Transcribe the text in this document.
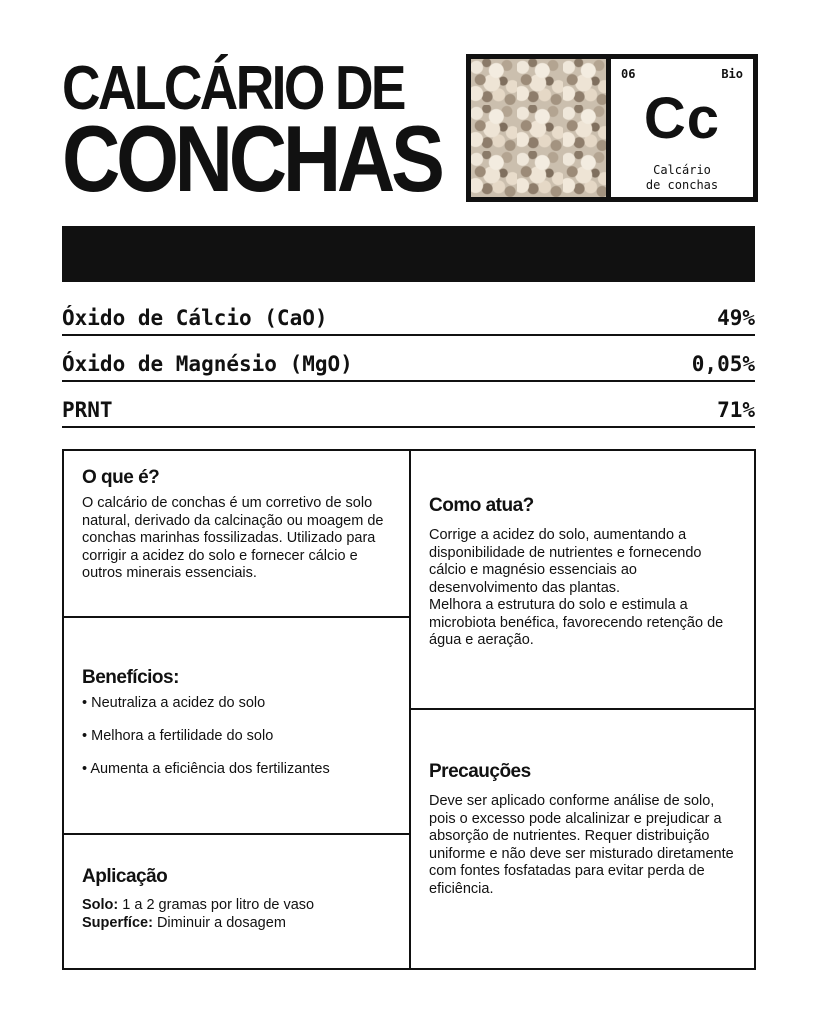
CALCÁRIO DE
CONCHAS
06	Bio
Cc
Calcário
de conchas
Óxido de Cálcio (CaO)	49%
Óxido de Magnésio (MgO)	0,05%
PRNT	71%
O que é?

O calcário de conchas é um corretivo de solo natural, derivado da calcinação ou moagem de conchas marinhas fossilizadas. Utilizado para corrigir a acidez do solo e fornecer cálcio e outros minerais essenciais.

Benefícios:
• Neutraliza a acidez do solo
• Melhora a fertilidade do solo
• Aumenta a eficiência dos fertilizantes
Aplicação
Solo: 1 a 2 gramas por litro de vaso
Superfíce: Diminuir a dosagem
Como atua?

Corrige a acidez do solo, aumentando a disponibilidade de nutrientes e fornecendo cálcio e magnésio essenciais ao desenvolvimento das plantas.

Melhora a estrutura do solo e estimula a microbiota benéfica, favorecendo retenção de água e aeração.

Precauções

Deve ser aplicado conforme análise de solo, pois o excesso pode alcalinizar e prejudicar a absorção de nutrientes. Requer distribuição uniforme e não deve ser misturado diretamente com fontes fosfatadas para evitar perda de eficiência.
